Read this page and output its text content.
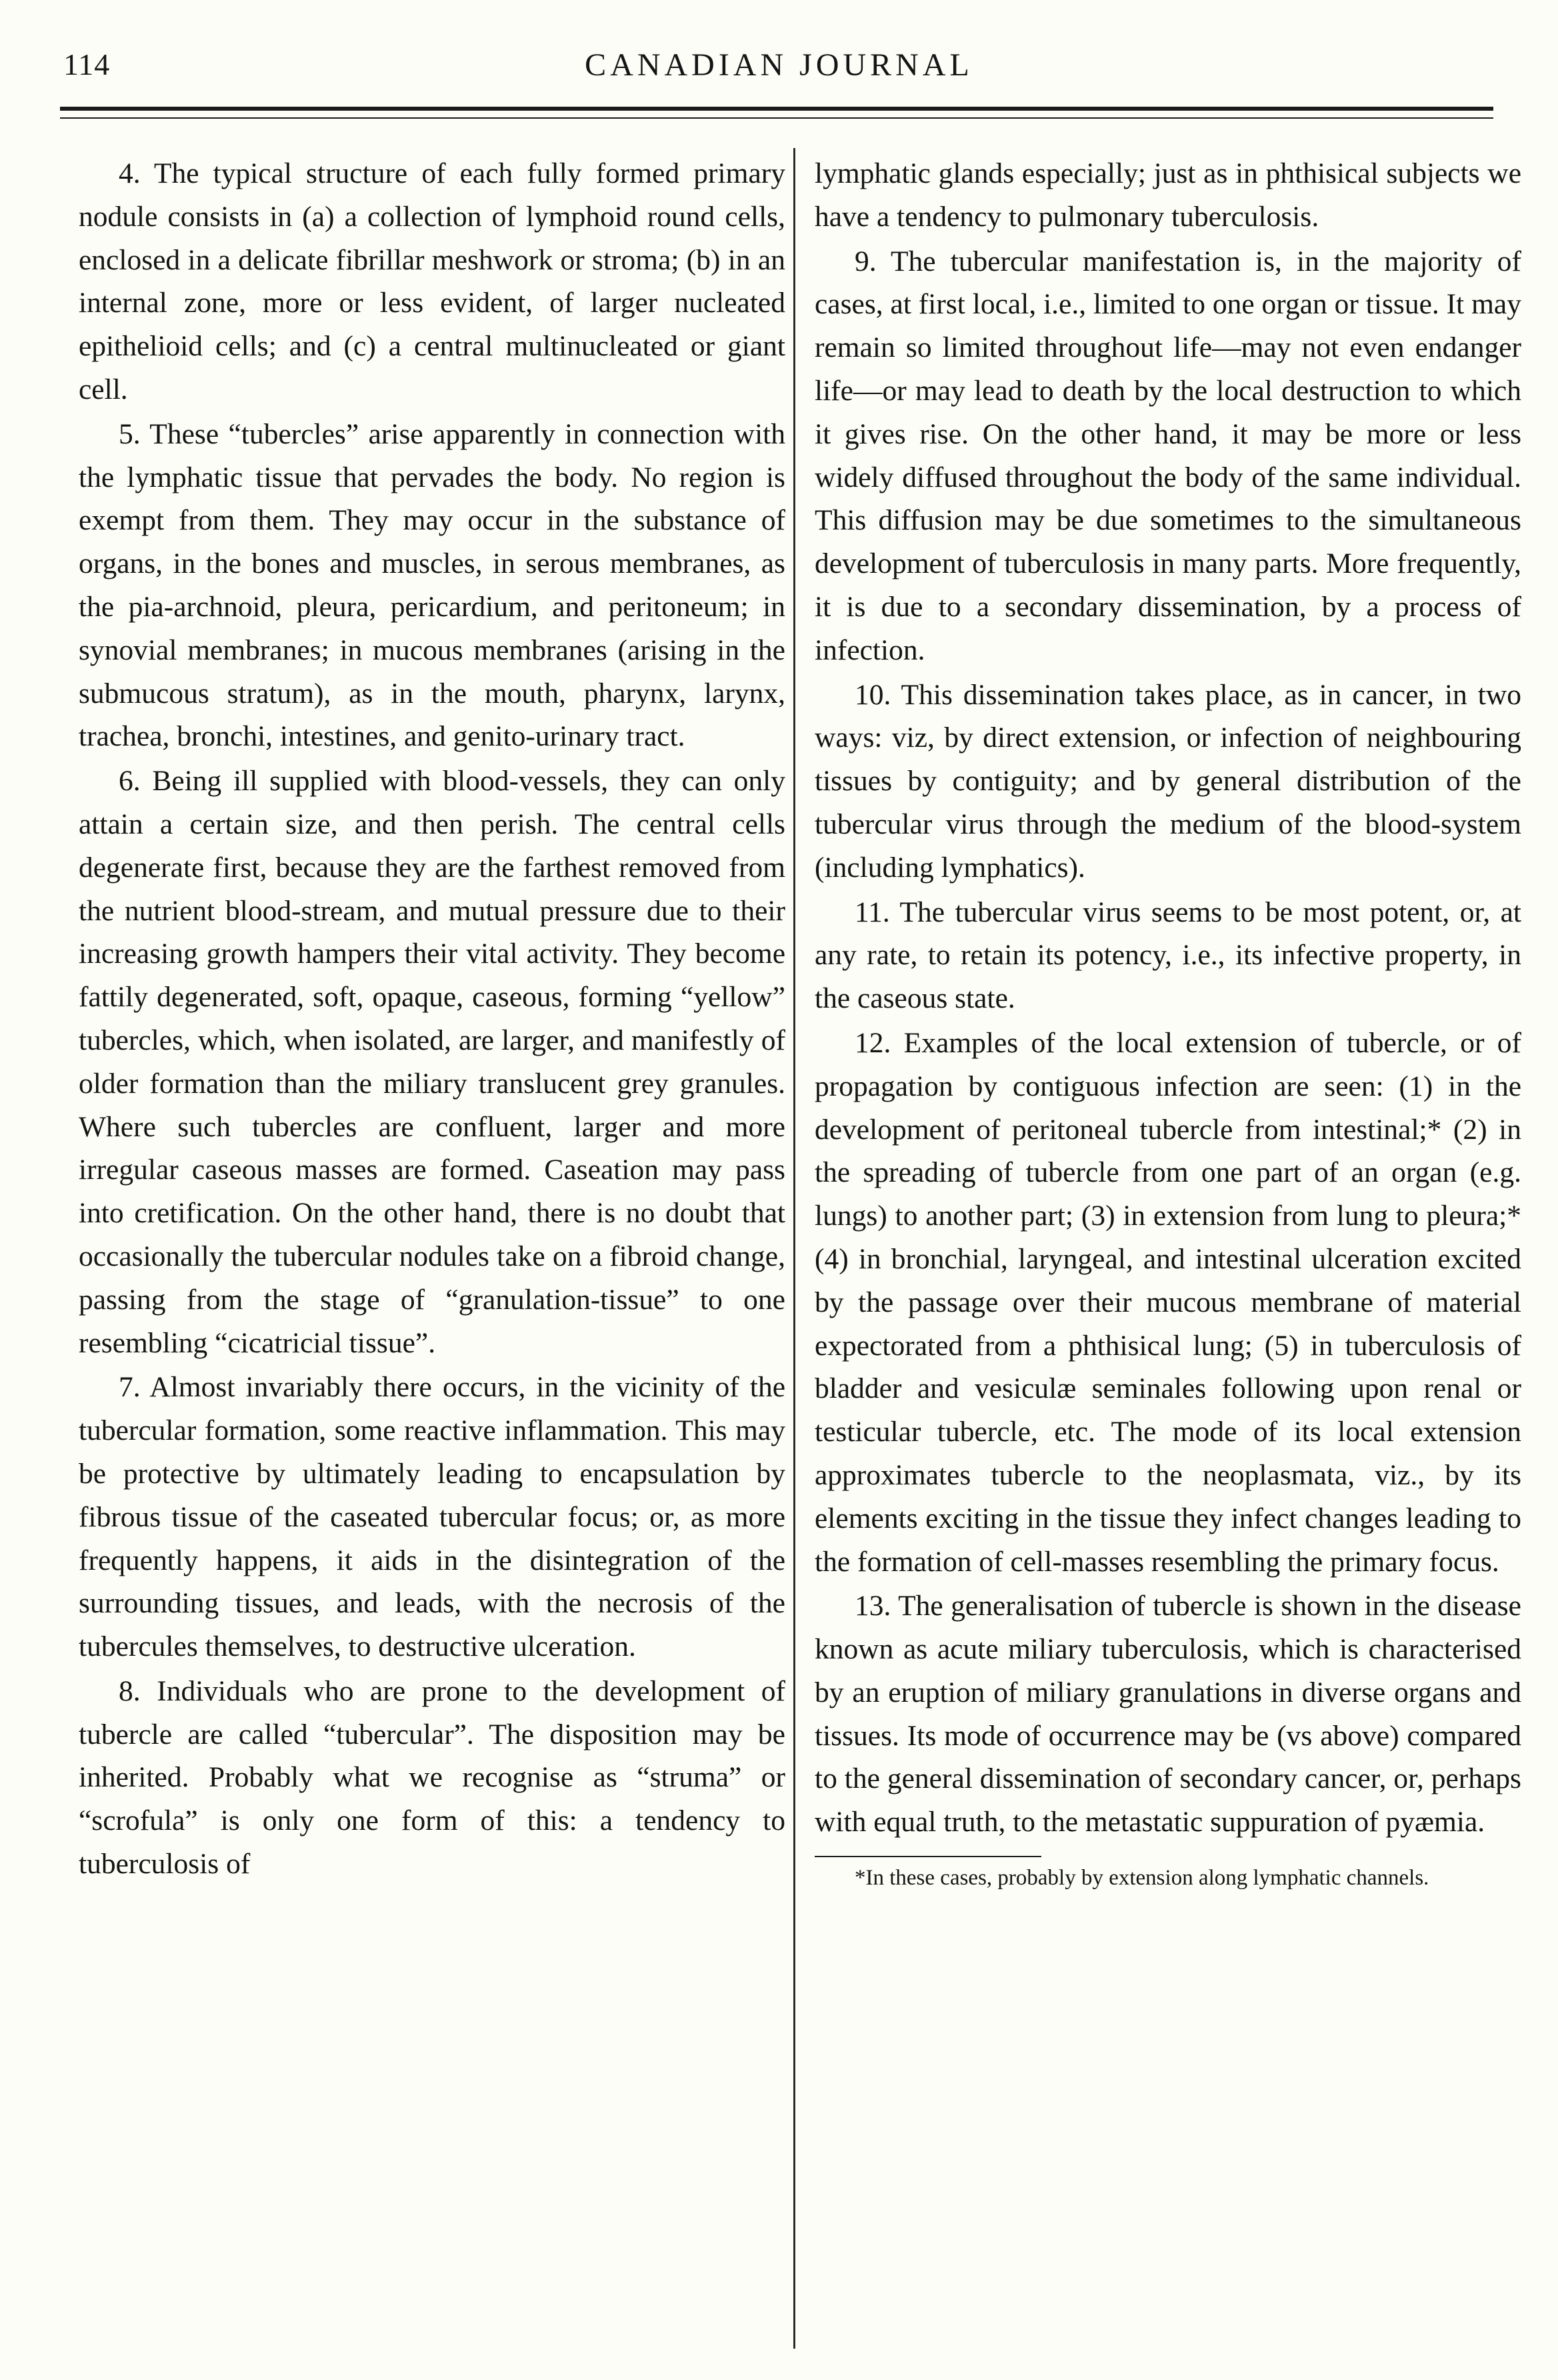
114	CANADIAN JOURNAL

4. The typical structure of each fully formed primary nodule consists in (a) a collection of lymphoid round cells, enclosed in a delicate fibrillar meshwork or stroma; (b) in an internal zone, more or less evident, of larger nucleated epithelioid cells; and (c) a central multinucleated or giant cell.

5. These “tubercles” arise apparently in connection with the lymphatic tissue that pervades the body. No region is exempt from them. They may occur in the substance of organs, in the bones and muscles, in serous membranes, as the pia-archnoid, pleura, pericardium, and peritoneum; in synovial membranes; in mucous membranes (arising in the submucous stratum), as in the mouth, pharynx, larynx, trachea, bronchi, intestines, and genito-urinary tract.

6. Being ill supplied with blood-vessels, they can only attain a certain size, and then perish. The central cells degenerate first, because they are the farthest removed from the nutrient blood-stream, and mutual pressure due to their increasing growth hampers their vital activity. They become fattily degenerated, soft, opaque, caseous, forming “yellow” tubercles, which, when isolated, are larger, and manifestly of older formation than the miliary translucent grey granules. Where such tubercles are confluent, larger and more irregular caseous masses are formed. Caseation may pass into cretification. On the other hand, there is no doubt that occasionally the tubercular nodules take on a fibroid change, passing from the stage of “granulation-tissue” to one resembling “cicatricial tissue”.

7. Almost invariably there occurs, in the vicinity of the tubercular formation, some reactive inflammation. This may be protective by ultimately leading to encapsulation by fibrous tissue of the caseated tubercular focus; or, as more frequently happens, it aids in the disintegration of the surrounding tissues, and leads, with the necrosis of the tubercules themselves, to destructive ulceration.

8. Individuals who are prone to the development of tubercle are called “tubercular”. The disposition may be inherited. Probably what we recognise as “struma” or “scrofula” is only one form of this: a tendency to tuberculosis of

lymphatic glands especially; just as in phthisical subjects we have a tendency to pulmonary tuberculosis.

9. The tubercular manifestation is, in the majority of cases, at first local, i.e., limited to one organ or tissue. It may remain so limited throughout life—may not even endanger life—or may lead to death by the local destruction to which it gives rise. On the other hand, it may be more or less widely diffused throughout the body of the same individual. This diffusion may be due sometimes to the simultaneous development of tuberculosis in many parts. More frequently, it is due to a secondary dissemination, by a process of infection.

10. This dissemination takes place, as in cancer, in two ways: viz, by direct extension, or infection of neighbouring tissues by contiguity; and by general distribution of the tubercular virus through the medium of the blood-system (including lymphatics).

11. The tubercular virus seems to be most potent, or, at any rate, to retain its potency, i.e., its infective property, in the caseous state.

12. Examples of the local extension of tubercle, or of propagation by contiguous infection are seen: (1) in the development of peritoneal tubercle from intestinal;* (2) in the spreading of tubercle from one part of an organ (e.g. lungs) to another part; (3) in extension from lung to pleura;* (4) in bronchial, laryngeal, and intestinal ulceration excited by the passage over their mucous membrane of material expectorated from a phthisical lung; (5) in tuberculosis of bladder and vesiculæ seminales following upon renal or testicular tubercle, etc. The mode of its local extension approximates tubercle to the neoplasmata, viz., by its elements exciting in the tissue they infect changes leading to the formation of cell-masses resembling the primary focus.

13. The generalisation of tubercle is shown in the disease known as acute miliary tuberculosis, which is characterised by an eruption of miliary granulations in diverse organs and tissues. Its mode of occurrence may be (vs above) compared to the general dissemination of secondary cancer, or, perhaps with equal truth, to the metastatic suppuration of pyæmia.

*In these cases, probably by extension along lymphatic channels.
